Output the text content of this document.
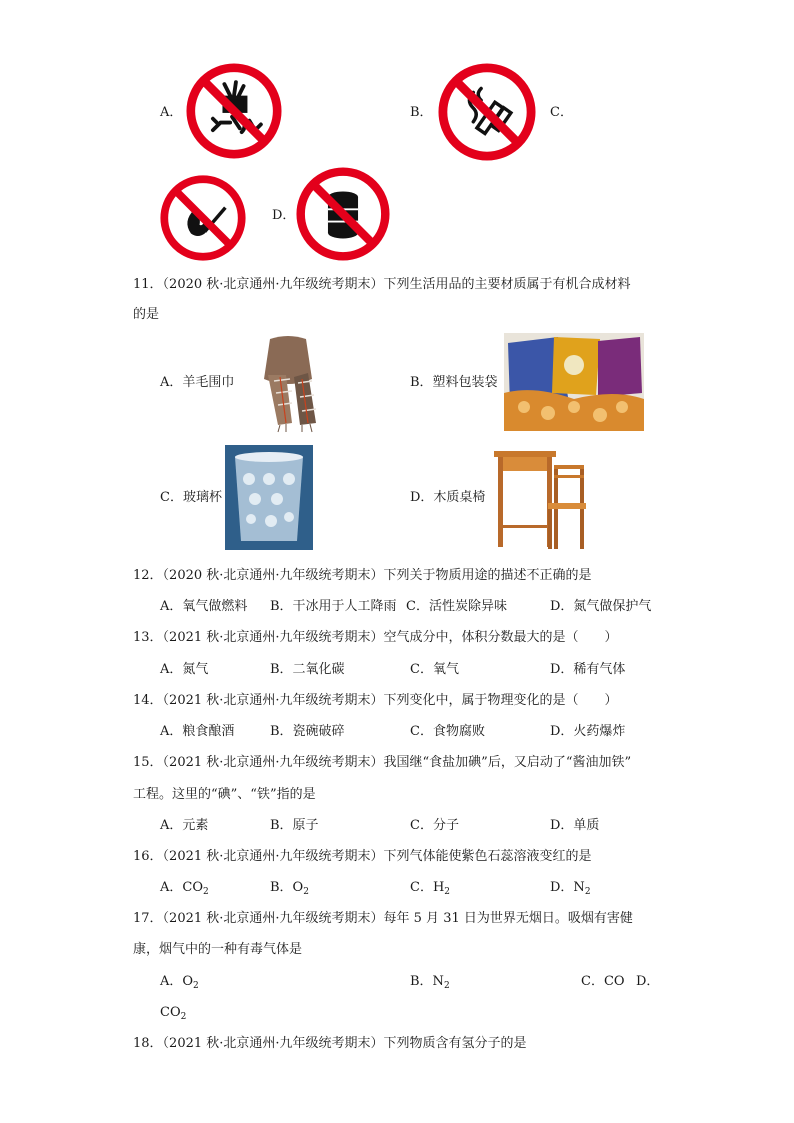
A．	B．	C．
D．
11．（2020 秋·北京通州·九年级统考期末）下列生活用品的主要材质属于有机合成材料
的是
A．羊毛围巾	B．塑料包装袋
C．玻璃杯	D．木质桌椅
12．（2020 秋·北京通州·九年级统考期末）下列关于物质用途的描述不正确的是
A．氧气做燃料 B．干冰用于人工降雨 C．活性炭除异味	D．氮气做保护气
13．（2021 秋·北京通州·九年级统考期末）空气成分中，体积分数最大的是（　　）
A．氮气	B．二氧化碳	C．氧气	D．稀有气体
14．（2021 秋·北京通州·九年级统考期末）下列变化中，属于物理变化的是（　　）
A．粮食酿酒	B．瓷碗破碎	C．食物腐败	D．火药爆炸
15．（2021 秋·北京通州·九年级统考期末）我国继“食盐加碘”后，又启动了“酱油加铁”
工程。这里的“碘”、“铁”指的是
A．元素	B．原子	C．分子	D．单质
16．（2021 秋·北京通州·九年级统考期末）下列气体能使紫色石蕊溶液变红的是
A．$CO_2$	B．$O_2$	C．$H_2$	D．$N_2$
17．（2021 秋·北京通州·九年级统考期末）每年 5 月 31 日为世界无烟日。吸烟有害健
康，烟气中的一种有毒气体是
A．$O_2$	B．$N_2$	C．CO D．
$CO_2$
18．（2021 秋·北京通州·九年级统考期末）下列物质含有氢分子的是
